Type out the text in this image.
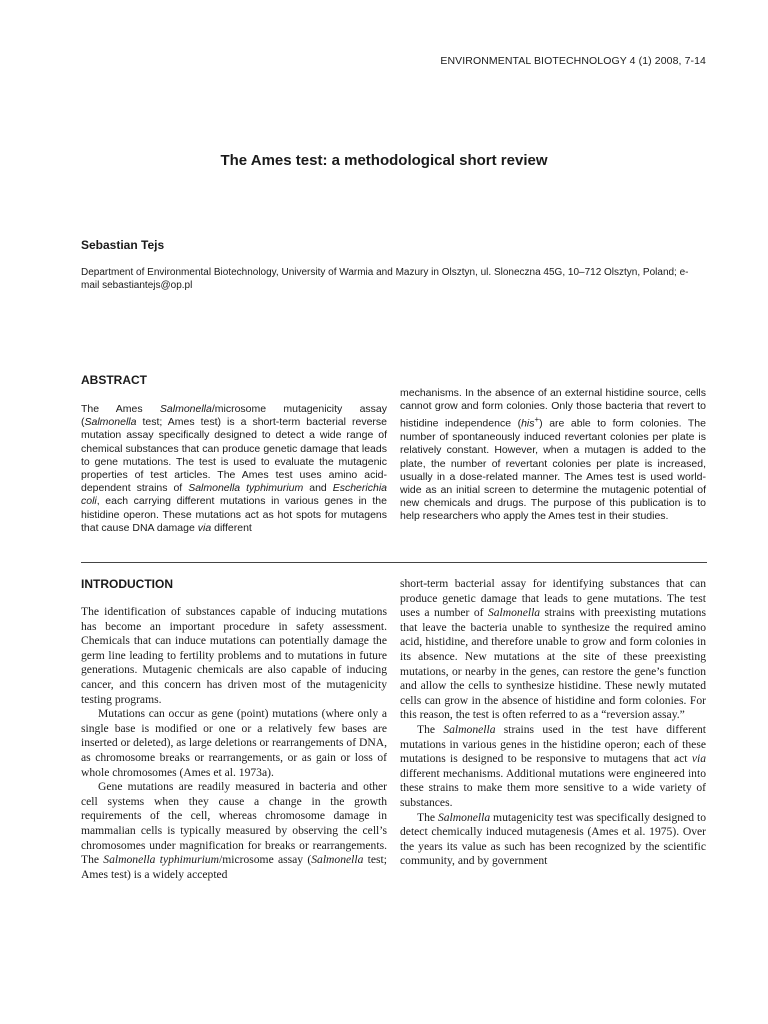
ENVIRONMENTAL BIOTECHNOLOGY 4 (1) 2008, 7-14
The Ames test: a methodological short review
Sebastian Tejs
Department of Environmental Biotechnology, University of Warmia and Mazury in Olsztyn, ul. Sloneczna 45G, 10–712 Olsztyn, Poland; e-mail sebastiantejs@op.pl
ABSTRACT

The Ames Salmonella/microsome mutagenicity assay (Salmonella test; Ames test) is a short-term bacterial reverse mutation assay specifically designed to detect a wide range of chemical substances that can produce genetic damage that leads to gene mutations. The test is used to evaluate the mutagenic properties of test articles. The Ames test uses amino acid-dependent strains of Salmonella typhimurium and Escherichia coli, each carrying different mutations in various genes in the histidine operon. These mutations act as hot spots for mutagens that cause DNA damage via different

mechanisms. In the absence of an external histidine source, cells cannot grow and form colonies. Only those bacteria that revert to histidine independence (his+) are able to form colonies. The number of spontaneously induced revertant colonies per plate is relatively constant. However, when a mutagen is added to the plate, the number of revertant colonies per plate is increased, usually in a dose-related manner. The Ames test is used world-wide as an initial screen to determine the mutagenic potential of new chemicals and drugs. The purpose of this publication is to help researchers who apply the Ames test in their studies.

INTRODUCTION

The identification of substances capable of inducing mutations has become an important procedure in safety assessment. Chemicals that can induce mutations can potentially damage the germ line leading to fertility problems and to mutations in future generations. Mutagenic chemicals are also capable of inducing cancer, and this concern has driven most of the mutagenicity testing programs.

Mutations can occur as gene (point) mutations (where only a single base is modified or one or a relatively few bases are inserted or deleted), as large deletions or rearrangements of DNA, as chromosome breaks or rearrangements, or as gain or loss of whole chromosomes (Ames et al. 1973a).

Gene mutations are readily measured in bacteria and other cell systems when they cause a change in the growth requirements of the cell, whereas chromosome damage in mammalian cells is typically measured by observing the cell’s chromosomes under magnification for breaks or rearrangements. The Salmonella typhimurium/microsome assay (Salmonella test; Ames test) is a widely accepted

short-term bacterial assay for identifying substances that can produce genetic damage that leads to gene mutations. The test uses a number of Salmonella strains with preexisting mutations that leave the bacteria unable to synthesize the required amino acid, histidine, and therefore unable to grow and form colonies in its absence. New mutations at the site of these preexisting mutations, or nearby in the genes, can restore the gene’s function and allow the cells to synthesize histidine. These newly mutated cells can grow in the absence of histidine and form colonies. For this reason, the test is often referred to as a “reversion assay.”

The Salmonella strains used in the test have different mutations in various genes in the histidine operon; each of these mutations is designed to be responsive to mutagens that act via different mechanisms. Additional mutations were engineered into these strains to make them more sensitive to a wide variety of substances.

The Salmonella mutagenicity test was specifically designed to detect chemically induced mutagenesis (Ames et al. 1975). Over the years its value as such has been recognized by the scientific community, and by government
